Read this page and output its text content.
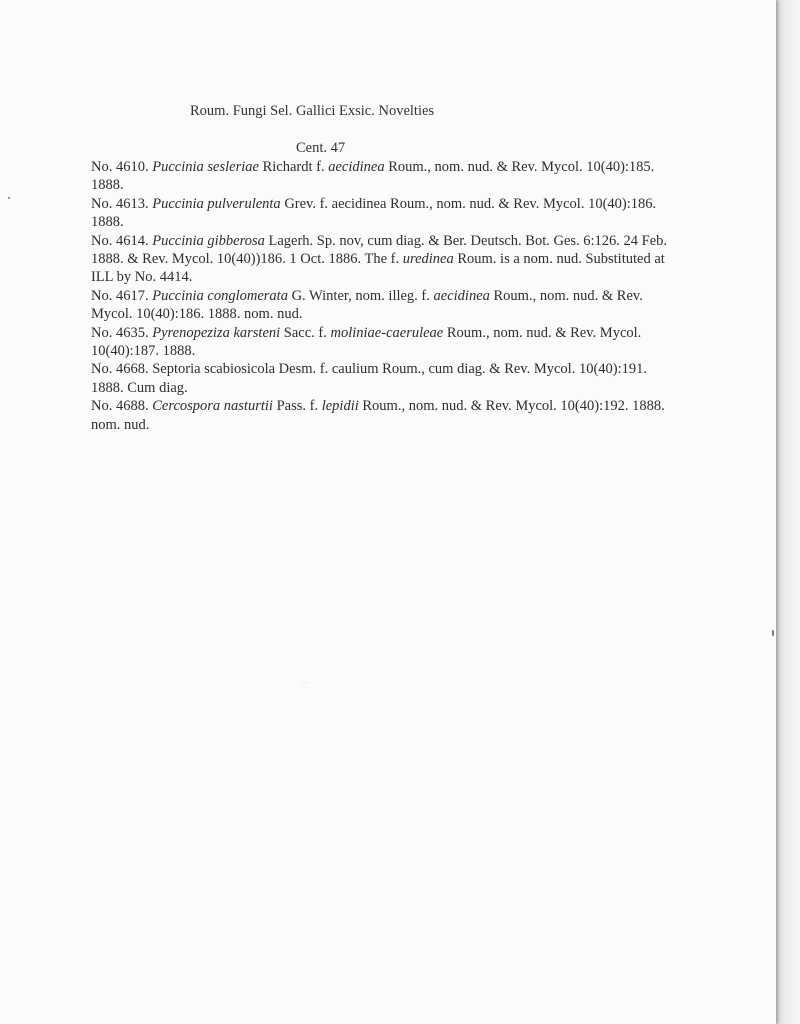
~
Roum. Fungi Sel. Gallici Exsic. Novelties
Cent. 47

No. 4610. Puccinia sesleriae Richardt f. aecidinea Roum., nom. nud. & Rev. Mycol. 10(40):185. 1888.

No. 4613. Puccinia pulverulenta Grev. f. aecidinea Roum., nom. nud. & Rev. Mycol. 10(40):186. 1888.

No. 4614. Puccinia gibberosa Lagerh. Sp. nov, cum diag. & Ber. Deutsch. Bot. Ges. 6:126. 24 Feb. 1888. & Rev. Mycol. 10(40))186. 1 Oct. 1886. The f. uredinea Roum. is a nom. nud. Substituted at ILL by No. 4414.

No. 4617. Puccinia conglomerata G. Winter, nom. illeg. f. aecidinea Roum., nom. nud. & Rev. Mycol. 10(40):186. 1888. nom. nud.

No. 4635. Pyrenopeziza karsteni Sacc. f. moliniae-caeruleae Roum., nom. nud. & Rev. Mycol. 10(40):187. 1888.

No. 4668. Septoria scabiosicola Desm. f. caulium Roum., cum diag. & Rev. Mycol. 10(40):191. 1888. Cum diag.

No. 4688. Cercospora nasturtii Pass. f. lepidii Roum., nom. nud. & Rev. Mycol. 10(40):192. 1888. nom. nud.
